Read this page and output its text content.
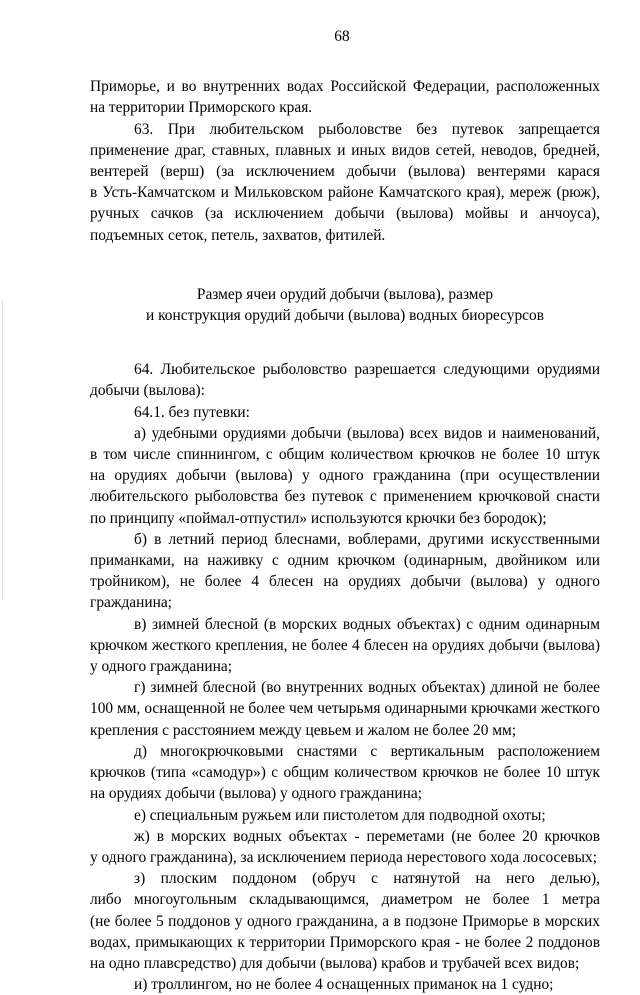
68

Приморье, и во внутренних водах Российской Федерации, расположенных

на территории Приморского края.

63. При любительском рыболовстве без путевок запрещается

применение драг, ставных, плавных и иных видов сетей, неводов, бредней,

вентерей (верш) (за исключением добычи (вылова) вентерями карася

в Усть-Камчатском и Мильковском районе Камчатского края), мереж (рюж),

ручных сачков (за исключением добычи (вылова) мойвы и анчоуса),

подъемных сеток, петель, захватов, фитилей.

Размер ячеи орудий добычи (вылова), размер
и конструкция орудий добычи (вылова) водных биоресурсов

64. Любительское рыболовство разрешается следующими орудиями

добычи (вылова):

64.1. без путевки:

а) удебными орудиями добычи (вылова) всех видов и наименований,

в том числе спиннингом, с общим количеством крючков не более 10 штук

на орудиях добычи (вылова) у одного гражданина (при осуществлении

любительского рыболовства без путевок с применением крючковой снасти

по принципу «поймал-отпустил» используются крючки без бородок);

б) в летний период блеснами, воблерами, другими искусственными

приманками, на наживку с одним крючком (одинарным, двойником или

тройником), не более 4 блесен на орудиях добычи (вылова) у одного

гражданина;

в) зимней блесной (в морских водных объектах) с одним одинарным

крючком жесткого крепления, не более 4 блесен на орудиях добычи (вылова)

у одного гражданина;

г) зимней блесной (во внутренних водных объектах) длиной не более

100 мм, оснащенной не более чем четырьмя одинарными крючками жесткого

крепления с расстоянием между цевьем и жалом не более 20 мм;

д) многокрючковыми снастями с вертикальным расположением

крючков (типа «самодур») с общим количеством крючков не более 10 штук

на орудиях добычи (вылова) у одного гражданина;

е) специальным ружьем или пистолетом для подводной охоты;

ж) в морских водных объектах - переметами (не более 20 крючков

у одного гражданина), за исключением периода нерестового хода лососевых;

з) плоским поддоном (обруч с натянутой на него делью),

либо многоугольным складывающимся, диаметром не более 1 метра

(не более 5 поддонов у одного гражданина, а в подзоне Приморье в морских

водах, примыкающих к территории Приморского края - не более 2 поддонов

на одно плавсредство) для добычи (вылова) крабов и трубачей всех видов;

и) троллингом, но не более 4 оснащенных приманок на 1 судно;
